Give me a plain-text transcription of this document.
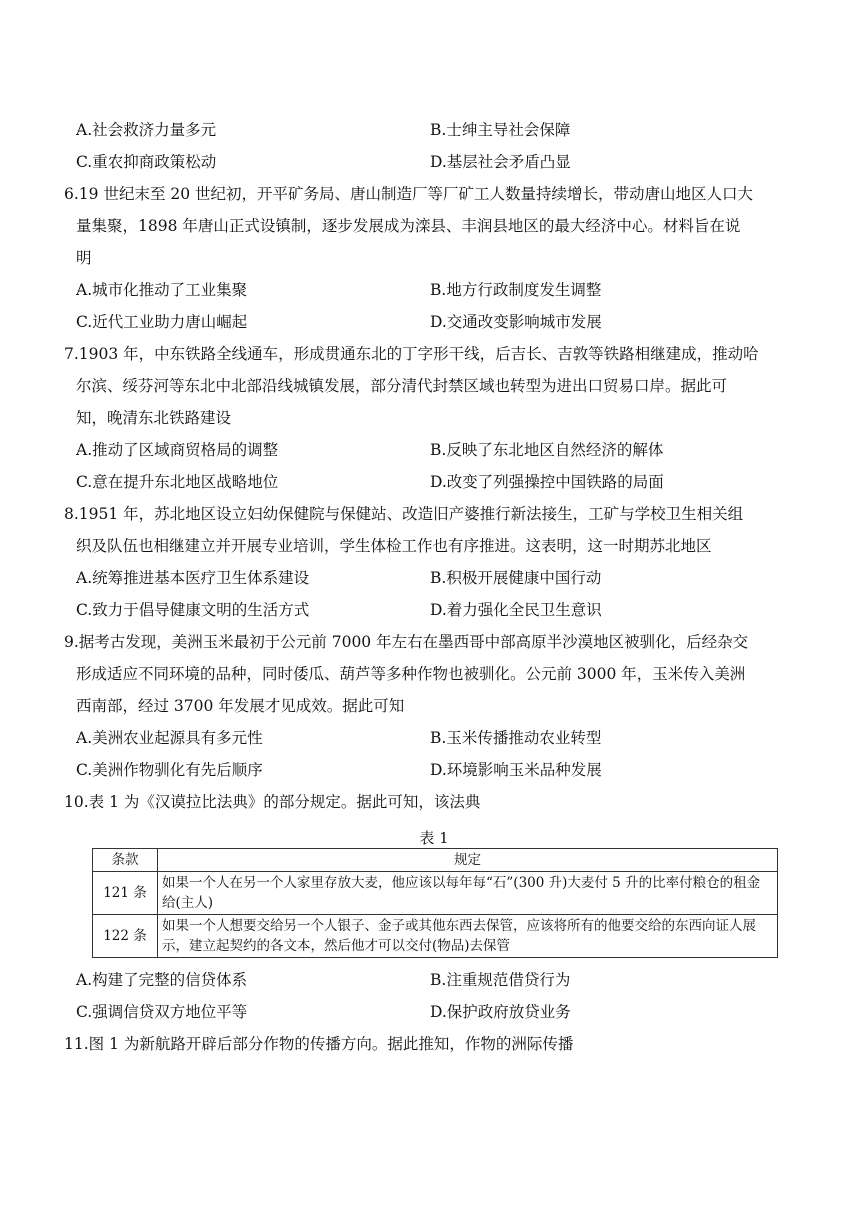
A.社会救济力量多元	B.士绅主导社会保障
C.重农抑商政策松动	D.基层社会矛盾凸显
6.19 世纪末至 20 世纪初，开平矿务局、唐山制造厂等厂矿工人数量持续增长，带动唐山地区人口大
量集聚，1898 年唐山正式设镇制，逐步发展成为滦县、丰润县地区的最大经济中心。材料旨在说
明
A.城市化推动了工业集聚	B.地方行政制度发生调整
C.近代工业助力唐山崛起	D.交通改变影响城市发展
7.1903 年，中东铁路全线通车，形成贯通东北的丁字形干线，后吉长、吉敦等铁路相继建成，推动哈
尔滨、绥芬河等东北中北部沿线城镇发展，部分清代封禁区域也转型为进出口贸易口岸。据此可
知，晚清东北铁路建设
A.推动了区域商贸格局的调整	B.反映了东北地区自然经济的解体
C.意在提升东北地区战略地位	D.改变了列强操控中国铁路的局面
8.1951 年，苏北地区设立妇幼保健院与保健站、改造旧产婆推行新法接生，工矿与学校卫生相关组
织及队伍也相继建立并开展专业培训，学生体检工作也有序推进。这表明，这一时期苏北地区
A.统筹推进基本医疗卫生体系建设	B.积极开展健康中国行动
C.致力于倡导健康文明的生活方式	D.着力强化全民卫生意识
9.据考古发现，美洲玉米最初于公元前 7000 年左右在墨西哥中部高原半沙漠地区被驯化，后经杂交
形成适应不同环境的品种，同时倭瓜、葫芦等多种作物也被驯化。公元前 3000 年，玉米传入美洲
西南部，经过 3700 年发展才见成效。据此可知
A.美洲农业起源具有多元性	B.玉米传播推动农业转型
C.美洲作物驯化有先后顺序	D.环境影响玉米品种发展
10.表 1 为《汉谟拉比法典》的部分规定。据此可知，该法典
表 1
条款	规定
121 条	如果一个人在另一个人家里存放大麦，他应该以每年每“石”(300 升)大麦付 5 升的比率付粮仓的租金给(主人)
122 条	如果一个人想要交给另一个人银子、金子或其他东西去保管，应该将所有的他要交给的东西向证人展示，建立起契约的各文本，然后他才可以交付(物品)去保管
A.构建了完整的信贷体系	B.注重规范借贷行为
C.强调信贷双方地位平等	D.保护政府放贷业务
11.图 1 为新航路开辟后部分作物的传播方向。据此推知，作物的洲际传播
